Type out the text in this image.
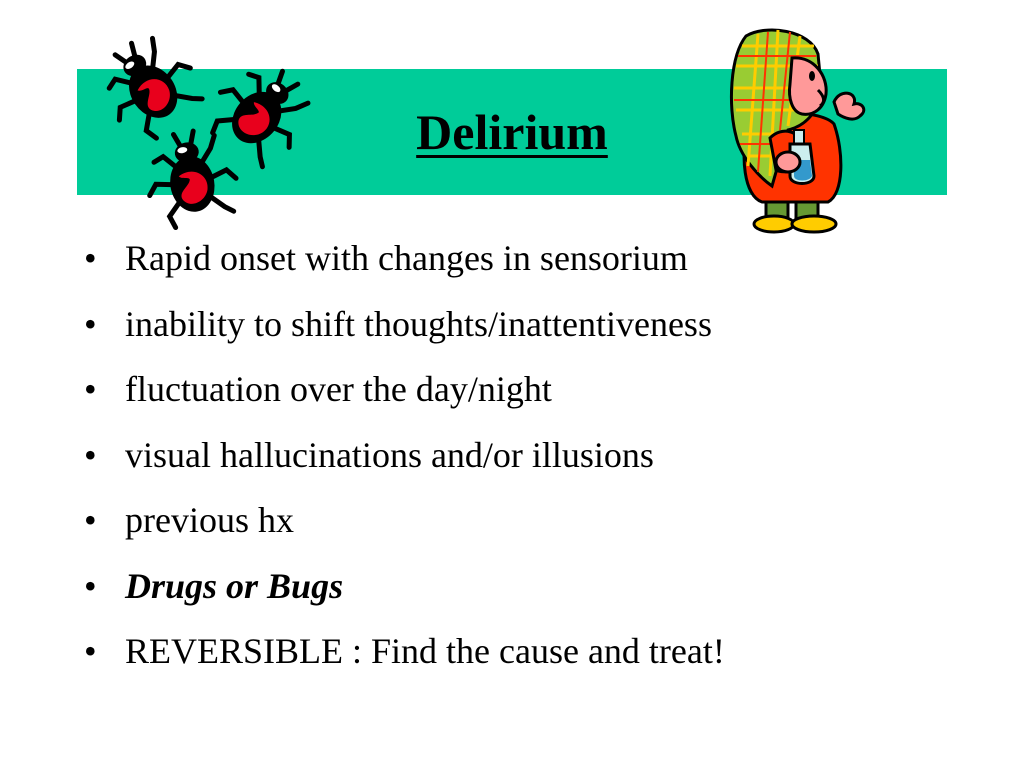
Delirium
• Rapid onset with changes in sensorium
• inability to shift thoughts/inattentiveness
• fluctuation over the day/night
• visual hallucinations and/or illusions
• previous hx
• Drugs or Bugs
• REVERSIBLE : Find the cause and treat!
